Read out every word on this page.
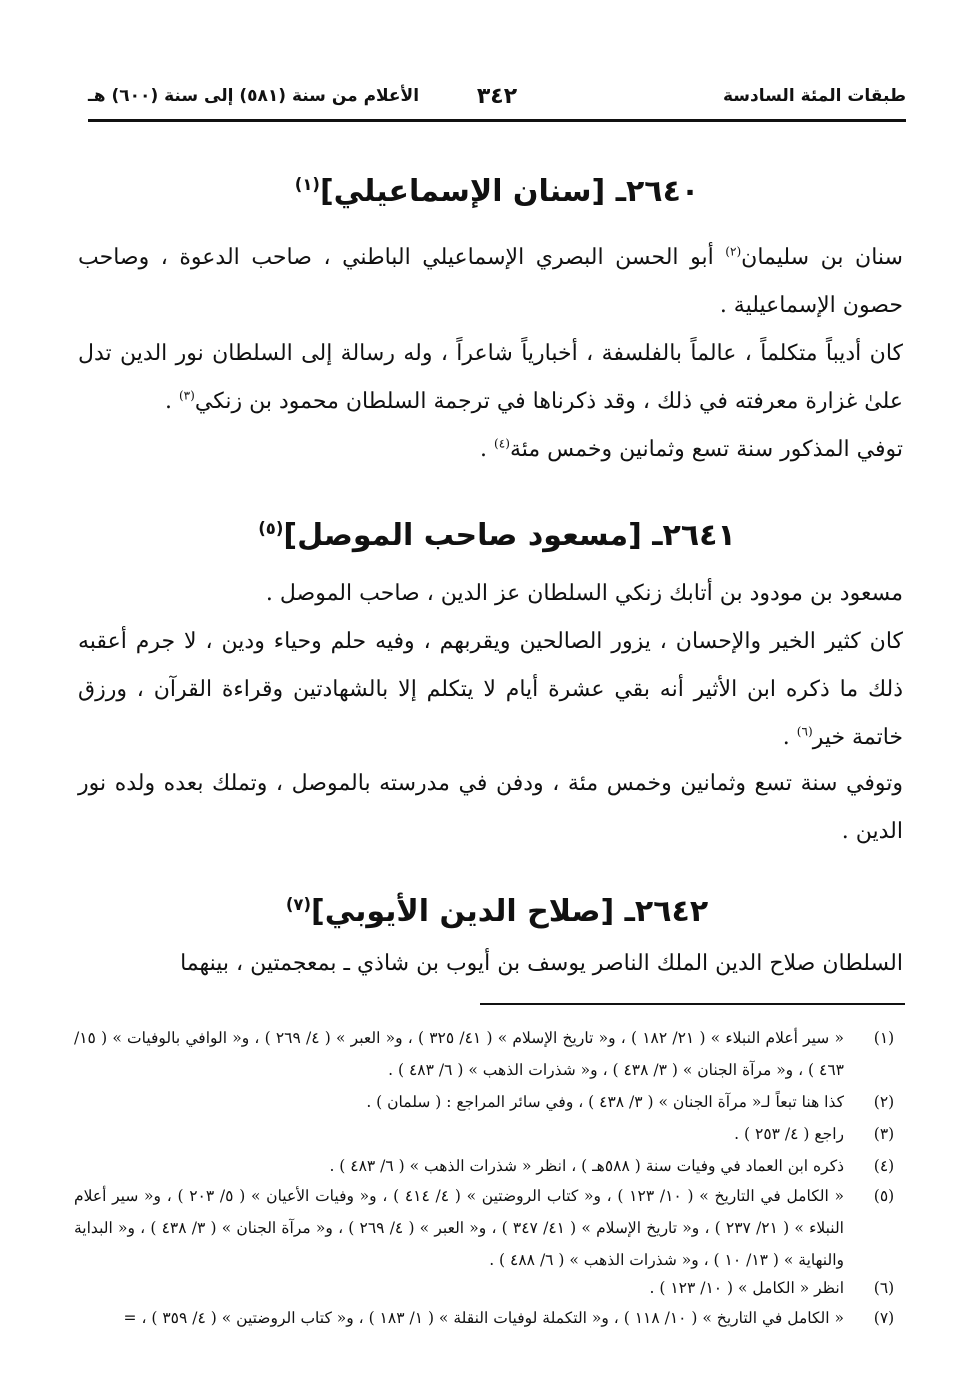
طبقات المئة السادسة
٣٤٢
الأعلام من سنة (٥٨١) إلى سنة (٦٠٠) هـ
٢٦٤٠ـ [سنان الإسماعيلي]$^{(١)}$

سنان بن سليمان$^{(٢)}$ أبو الحسن البصري الإسماعيلي الباطني ، صاحب الدعوة ، وصاحب حصون الإسماعيلية .

كان أديباً متكلماً ، عالماً بالفلسفة ، أخبارياً شاعراً ، وله رسالة إلى السلطان نور الدين تدل علىٰ غزارة معرفته في ذلك ، وقد ذكرناها في ترجمة السلطان محمود بن زنكي$^{(٣)}$ .

توفي المذكور سنة تسع وثمانين وخمس مئة$^{(٤)}$ .

٢٦٤١ـ [مسعود صاحب الموصل]$^{(٥)}$

مسعود بن مودود بن أتابك زنكي السلطان عز الدين ، صاحب الموصل .

كان كثير الخير والإحسان ، يزور الصالحين ويقربهم ، وفيه حلم وحياء ودين ، لا جرم أعقبه ذلك ما ذكره ابن الأثير أنه بقي عشرة أيام لا يتكلم إلا بالشهادتين وقراءة القرآن ، ورزق خاتمة خير$^{(٦)}$ .

وتوفي سنة تسع وثمانين وخمس مئة ، ودفن في مدرسته بالموصل ، وتملك بعده ولده نور الدين .

٢٦٤٢ـ [صلاح الدين الأيوبي]$^{(٧)}$

السلطان صلاح الدين الملك الناصر يوسف بن أيوب بن شاذي ـ بمعجمتين ، بينهما

(١)
« سير أعلام النبلاء » ( ٢١/ ١٨٢ ) ، و« تاريخ الإسلام » ( ٤١/ ٣٢٥ ) ، و« العبر » ( ٤/ ٢٦٩ ) ، و« الوافي بالوفيات » ( ١٥/ ٤٦٣ ) ، و« مرآة الجنان » ( ٣/ ٤٣٨ ) ، و« شذرات الذهب » ( ٦/ ٤٨٣ ) .
(٢)
كذا هنا تبعاً لـ« مرآة الجنان » ( ٣/ ٤٣٨ ) ، وفي سائر المراجع : ( سلمان ) .
(٣)
راجع ( ٤/ ٢٥٣ ) .
(٤)
ذكره ابن العماد في وفيات سنة ( ٥٨٨هـ ) ، انظر « شذرات الذهب » ( ٦/ ٤٨٣ ) .
(٥)
« الكامل في التاريخ » ( ١٠/ ١٢٣ ) ، و« كتاب الروضتين » ( ٤/ ٤١٤ ) ، و« وفيات الأعيان » ( ٥/ ٢٠٣ ) ، و« سير أعلام النبلاء » ( ٢١/ ٢٣٧ ) ، و« تاريخ الإسلام » ( ٤١/ ٣٤٧ ) ، و« العبر » ( ٤/ ٢٦٩ ) ، و« مرآة الجنان » ( ٣/ ٤٣٨ ) ، و« البداية والنهاية » ( ١٣/ ١٠ ) ، و« شذرات الذهب » ( ٦/ ٤٨٨ ) .
(٦)
انظر « الكامل » ( ١٠/ ١٢٣ ) .
(٧)
« الكامل في التاريخ » ( ١٠/ ١١٨ ) ، و« التكملة لوفيات النقلة » ( ١/ ١٨٣ ) ، و« كتاب الروضتين » ( ٤/ ٣٥٩ ) ، =
